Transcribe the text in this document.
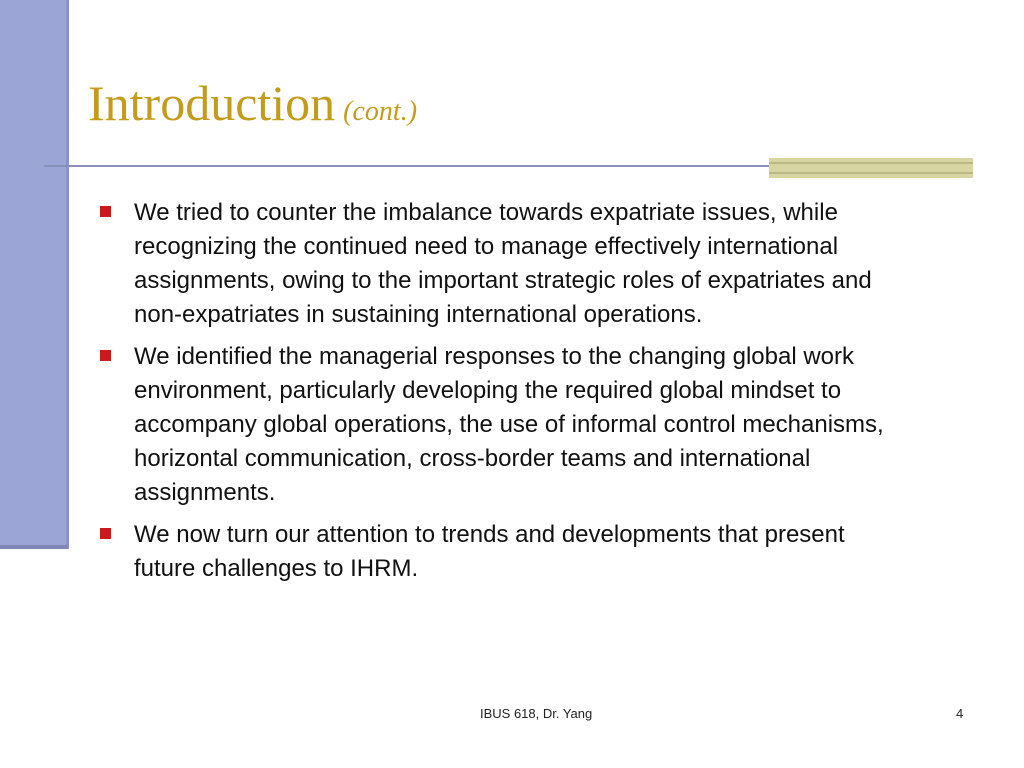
Introduction (cont.)
We tried to counter the imbalance towards expatriate issues, while recognizing the continued need to manage effectively international assignments, owing to the important strategic roles of expatriates and non-expatriates in sustaining international operations.
We identified the managerial responses to the changing global work environment, particularly developing the required global mindset to accompany global operations, the use of informal control mechanisms, horizontal communication, cross-border teams and international assignments.
We now turn our attention to trends and developments that present future challenges to IHRM.
IBUS 618, Dr. Yang	4
